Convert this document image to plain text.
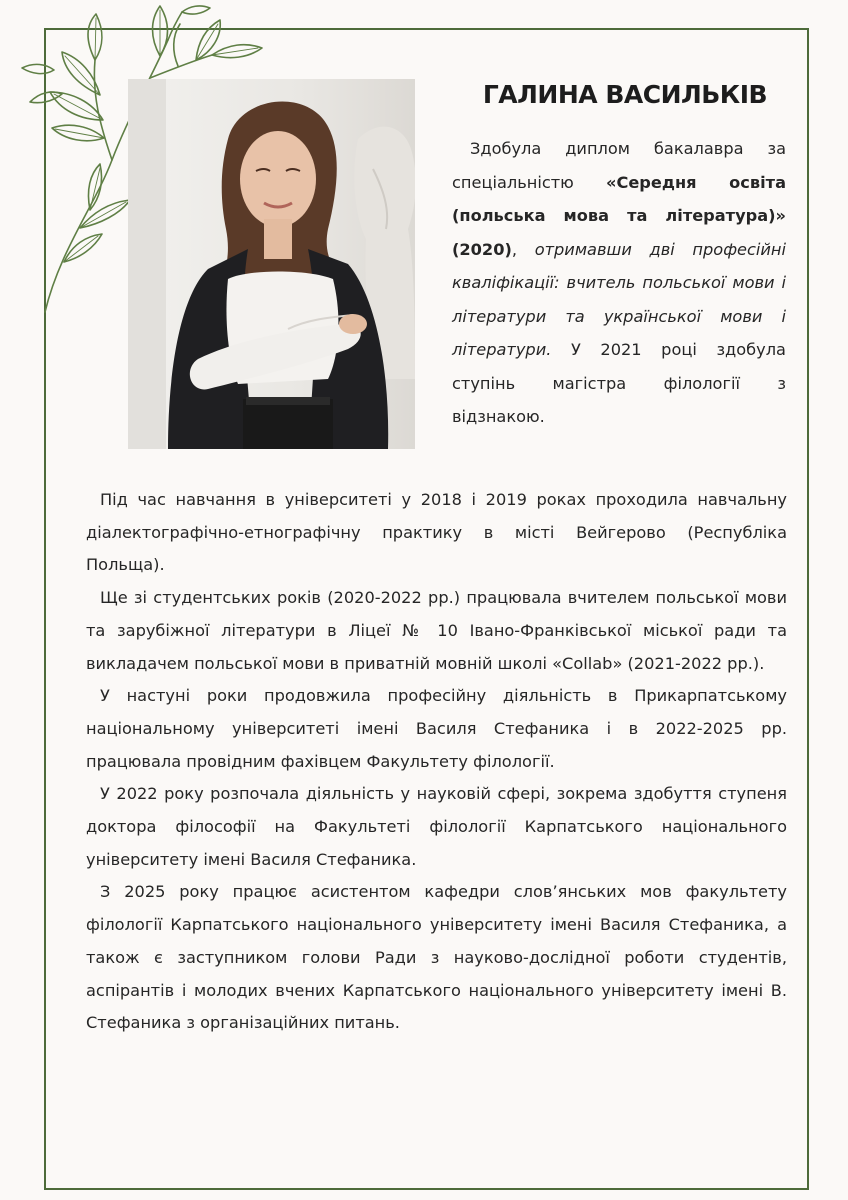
ГАЛИНА ВАСИЛЬКІВ

Здобула диплом бакалавра за спеціальністю «Середня освіта (польська мова та література)» (2020), отримавши дві професійні кваліфікації: вчитель польської мови і літератури та української мови і літератури. У 2021 році здобула ступінь магістра філології з відзнакою.

Під час навчання в університеті у 2018 і 2019 роках проходила навчальну діалектографічно-етнографічну практику в місті Вейгерово (Республіка Польща).

Ще зі студентських років (2020-2022 рр.) працювала вчителем польської мови та зарубіжної літератури в Ліцеї № 10 Івано-Франківської міської ради та викладачем польської мови в приватній мовній школі «Collab» (2021-2022 рр.).

У настуні роки продовжила професійну діяльність в Прикарпатському національному університеті імені Василя Стефаника і в 2022-2025 рр. працювала провідним фахівцем Факультету філології.

У 2022 року розпочала діяльність у науковій сфері, зокрема здобуття ступеня доктора філософії на Факультеті філології Карпатського національного університету імені Василя Стефаника.

З 2025 року працює асистентом кафедри слов’янських мов факультету філології Карпатського національного університету імені Василя Стефаника, а також є заступником голови Ради з науково-дослідної роботи студентів, аспірантів і молодих вчених Карпатського національного університету імені В. Стефаника з організаційних питань.
